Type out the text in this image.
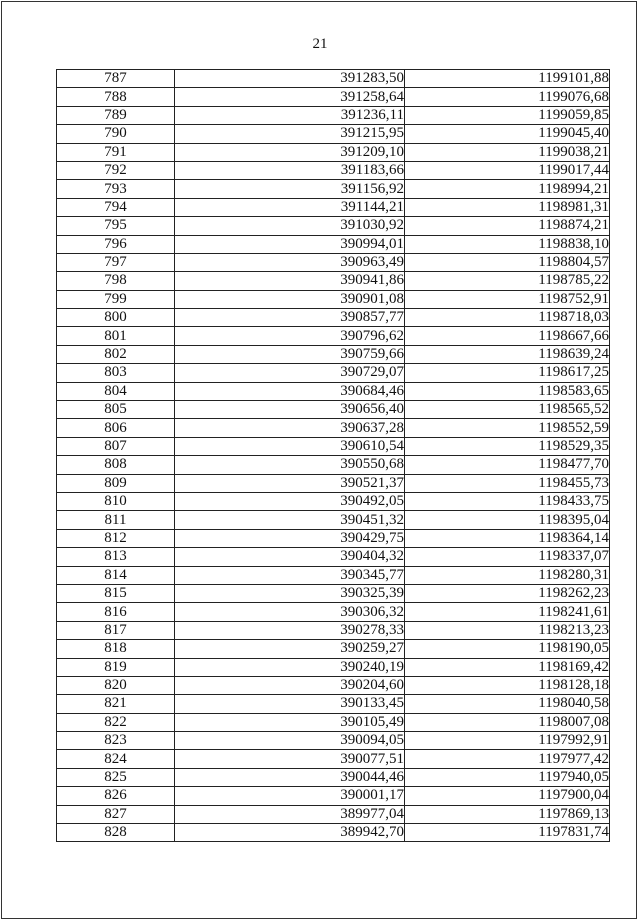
21
787	391283,50	1199101,88
788	391258,64	1199076,68
789	391236,11	1199059,85
790	391215,95	1199045,40
791	391209,10	1199038,21
792	391183,66	1199017,44
793	391156,92	1198994,21
794	391144,21	1198981,31
795	391030,92	1198874,21
796	390994,01	1198838,10
797	390963,49	1198804,57
798	390941,86	1198785,22
799	390901,08	1198752,91
800	390857,77	1198718,03
801	390796,62	1198667,66
802	390759,66	1198639,24
803	390729,07	1198617,25
804	390684,46	1198583,65
805	390656,40	1198565,52
806	390637,28	1198552,59
807	390610,54	1198529,35
808	390550,68	1198477,70
809	390521,37	1198455,73
810	390492,05	1198433,75
811	390451,32	1198395,04
812	390429,75	1198364,14
813	390404,32	1198337,07
814	390345,77	1198280,31
815	390325,39	1198262,23
816	390306,32	1198241,61
817	390278,33	1198213,23
818	390259,27	1198190,05
819	390240,19	1198169,42
820	390204,60	1198128,18
821	390133,45	1198040,58
822	390105,49	1198007,08
823	390094,05	1197992,91
824	390077,51	1197977,42
825	390044,46	1197940,05
826	390001,17	1197900,04
827	389977,04	1197869,13
828	389942,70	1197831,74
